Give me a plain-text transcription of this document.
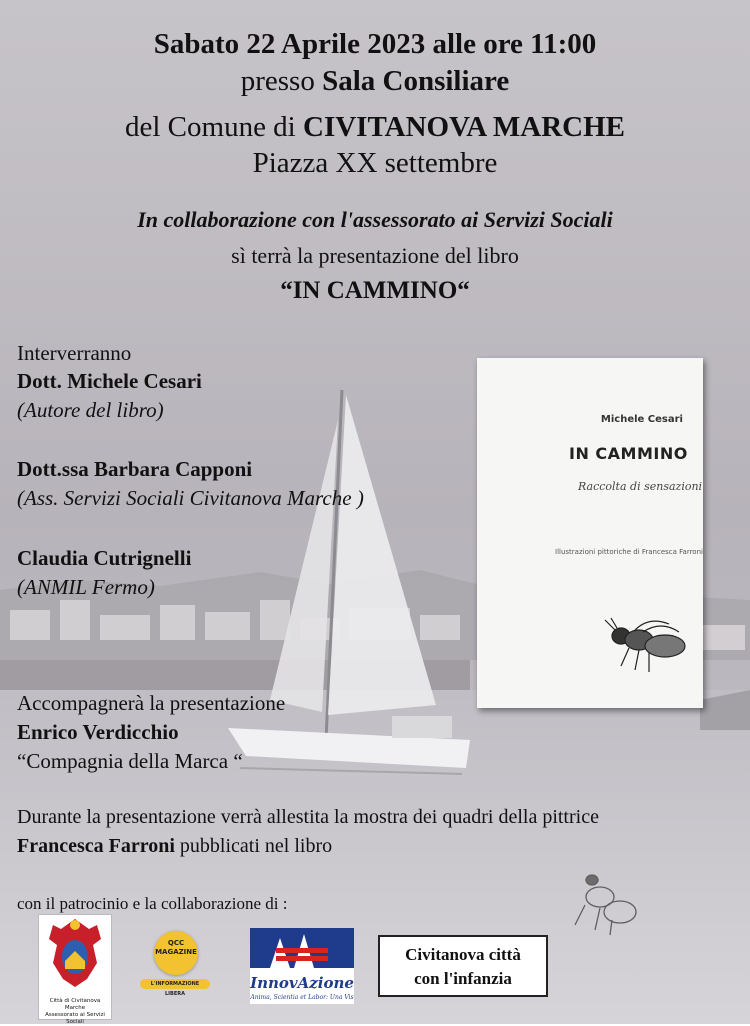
Sabato 22 Aprile 2023 alle ore 11:00
presso Sala Consiliare
del Comune di CIVITANOVA MARCHE
Piazza XX settembre
In collaborazione con l'assessorato ai Servizi Sociali
sì terrà la presentazione del libro
“IN CAMMINO“
Interverranno
Dott. Michele Cesari
(Autore del libro)
Dott.ssa Barbara Capponi
(Ass. Servizi Sociali Civitanova Marche )
Claudia Cutrignelli
(ANMIL Fermo)
Accompagnerà la presentazione
Enrico Verdicchio
“Compagnia della Marca “
Durante la presentazione verrà allestita la mostra dei quadri della pittrice
Francesca Farroni pubblicati nel libro
con il patrocinio e la collaborazione di :
Michele Cesari
IN CAMMINO
Raccolta di sensazioni
Illustrazioni pittoriche di Francesca Farroni
Città di Civitanova Marche
Assessorato ai Servizi Sociali
QCC
MAGAZINE
L'INFORMAZIONE LIBERA
InnovAzione
Anima, Scientia et Labor: Una Vis
Civitanova città
con l'infanzia
